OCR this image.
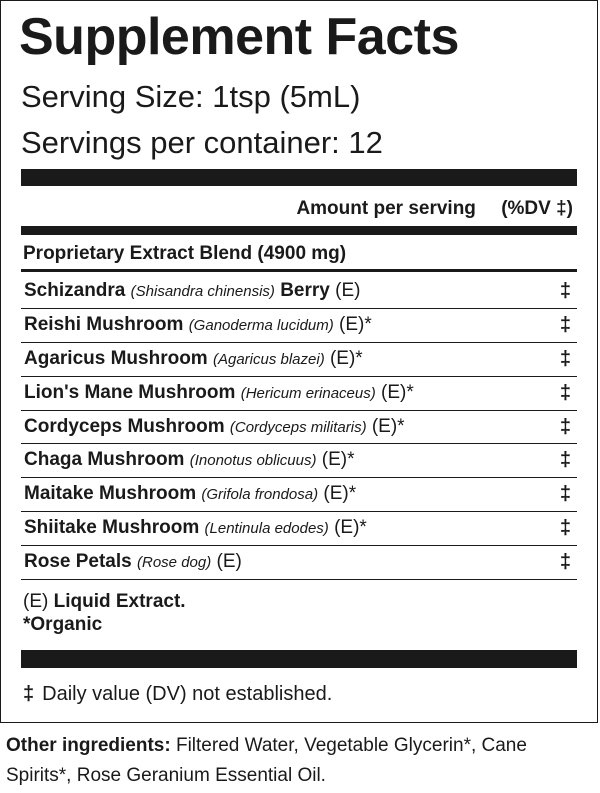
Supplement Facts
Serving Size: 1tsp (5mL)
Servings per container: 12
Amount per serving (%DV ‡)
Proprietary Extract Blend (4900 mg)
Schizandra (Shisandra chinensis) Berry (E)	‡
Reishi Mushroom (Ganoderma lucidum) (E)*	‡
Agaricus Mushroom (Agaricus blazei) (E)*	‡
Lion's Mane Mushroom (Hericum erinaceus) (E)*	‡
Cordyceps Mushroom (Cordyceps militaris) (E)*	‡
Chaga Mushroom (Inonotus oblicuus) (E)*	‡
Maitake Mushroom (Grifola frondosa) (E)*	‡
Shiitake Mushroom (Lentinula edodes) (E)*	‡
Rose Petals (Rose dog) (E)	‡
(E) Liquid Extract.
*Organic
‡ Daily value (DV) not established.
Other ingredients: Filtered Water, Vegetable Glycerin*, Cane Spirits*, Rose Geranium Essential Oil.
